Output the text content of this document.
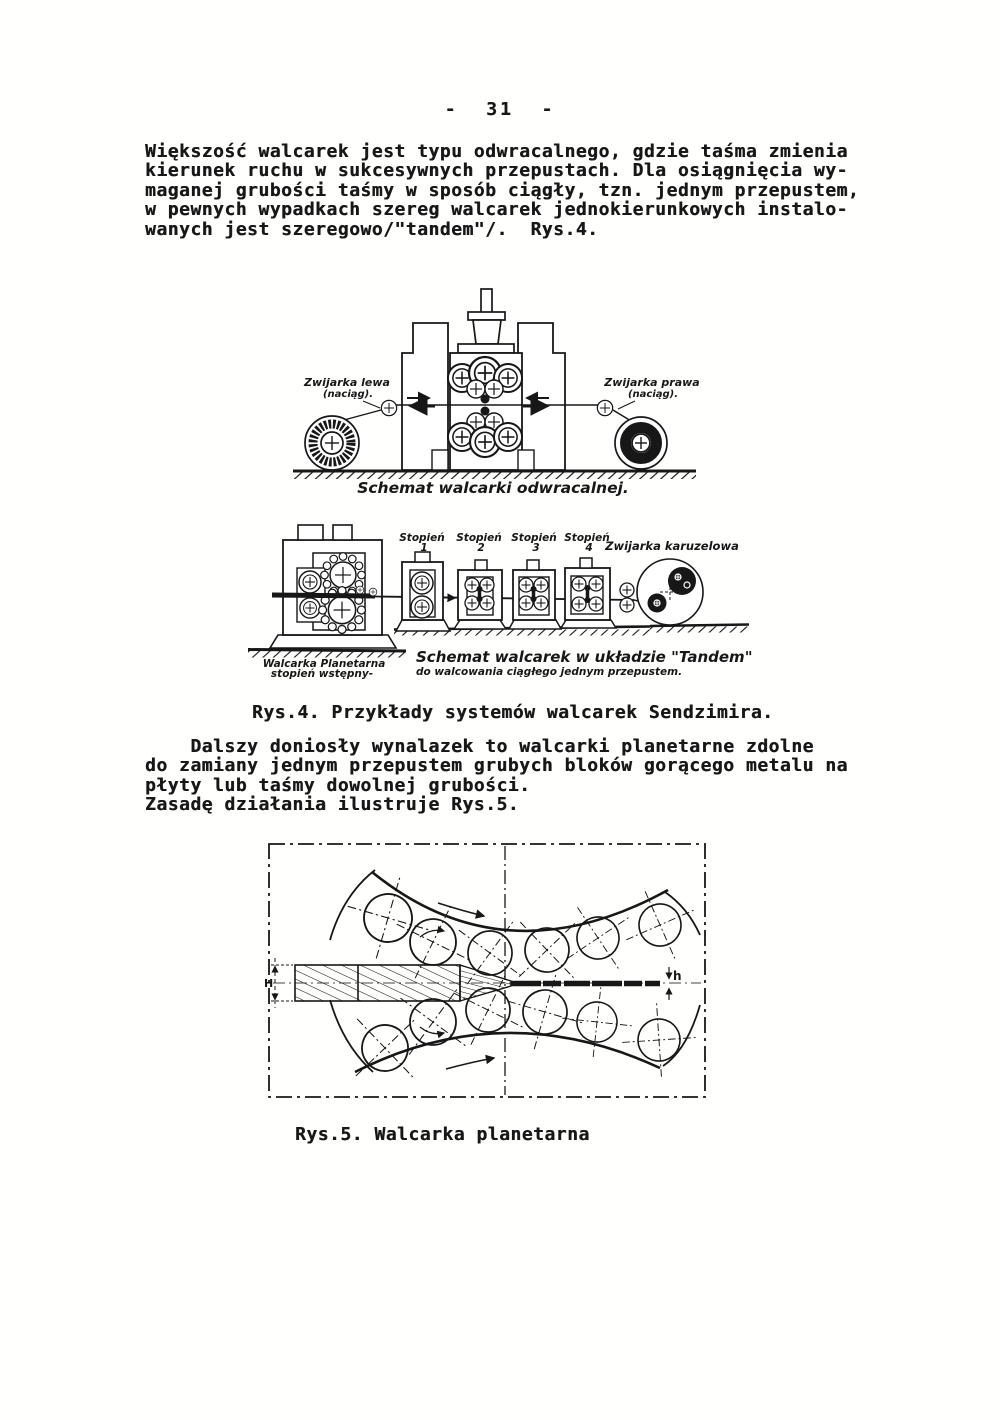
-  31  -
Większość walcarek jest typu odwracalnego, gdzie taśma zmienia
kierunek ruchu w sukcesywnych przepustach. Dla osiągnięcia wy-
maganej grubości taśmy w sposób ciągły, tzn. jednym przepustem,
w pewnych wypadkach szereg walcarek jednokierunkowych instalo-
wanych jest szeregowo/"tandem"/.  Rys.4.
Zwijarka lewa
(naciąg).
Zwijarka prawa
(naciąg).
Schemat walcarki odwracalnej.
Stopień
1
Stopień
2
Stopień
3
Stopień
4 Zwijarka karuzelowa
Walcarka Planetarna
stopień wstępny-
Schemat walcarek w układzie "Tandem"
do walcowania ciągłego jednym przepustem.
Rys.4. Przykłady systemów walcarek Sendzimira.
Dalszy doniosły wynalazek to walcarki planetarne zdolne
do zamiany jednym przepustem grubych bloków gorącego metalu na
płyty lub taśmy dowolnej grubości.
Zasadę działania ilustruje Rys.5.
H
h
Rys.5. Walcarka planetarna
